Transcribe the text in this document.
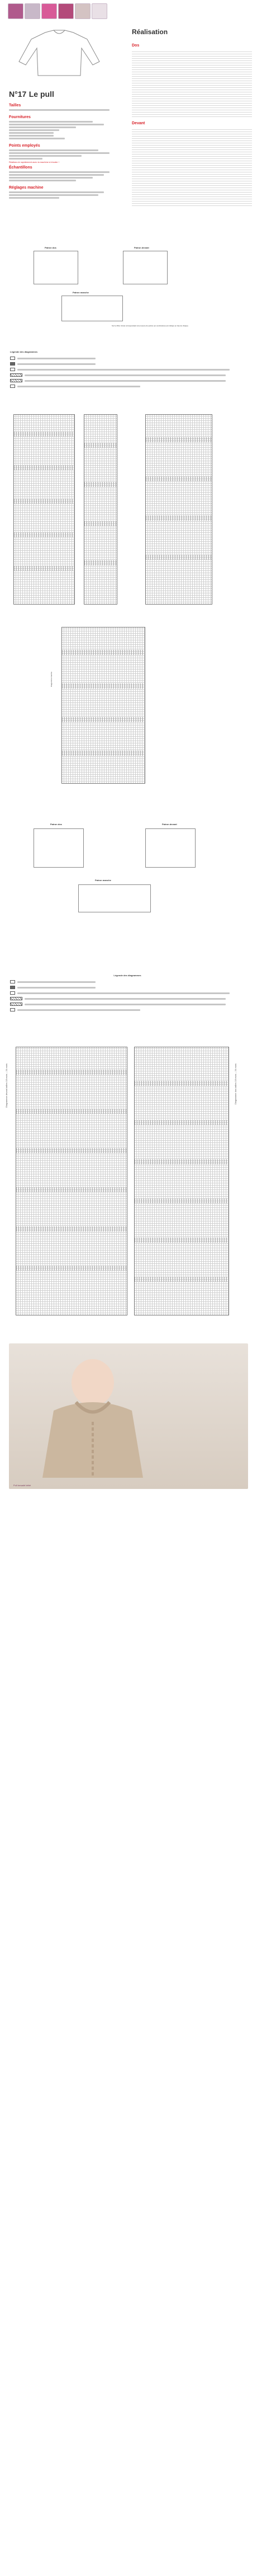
N°17 Le pull
Tailles
Fournitures
Points employés
Réalisez-le rapidement avec la machine à tricoter !
Échantillons
Réglages machine
Réalisation
Dos
Devant
Patron dos	Patron devant
Patron manche
Sur le tiffon tricoté correspondant à la mesure du patron (en centimètres) est indiqué en bas de chaque.
Légende des diagrammes
Diagramme manche
Patron dos	Patron devant
Patron manche
Légende des diagrammes
Diagramme devant tailles 18 mois – 24 mois	Diagramme dos tailles 18 mois – 24 mois
Pull torsadé bébé
